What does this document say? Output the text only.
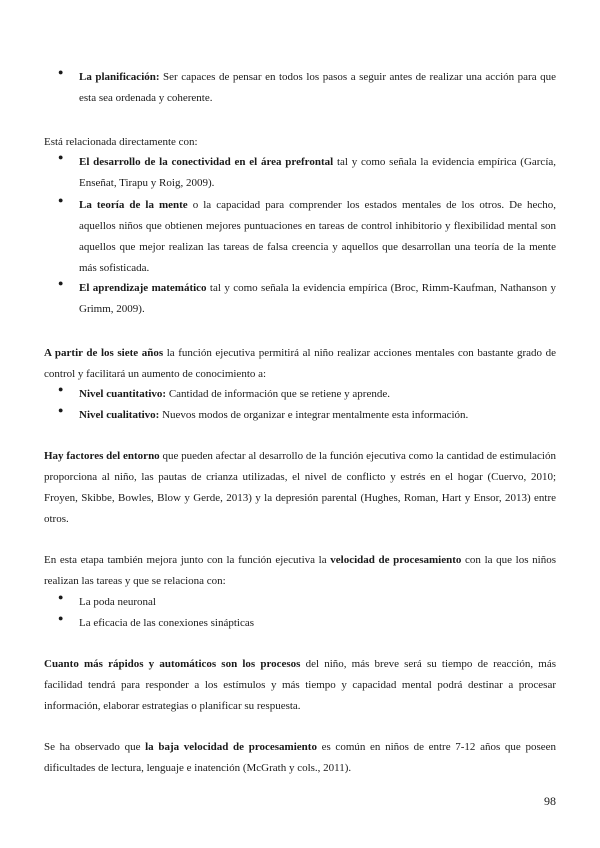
● La planificación: Ser capaces de pensar en todos los pasos a seguir antes de realizar una acción para que esta sea ordenada y coherente.
Está relacionada directamente con:
● El desarrollo de la conectividad en el área prefrontal tal y como señala la evidencia empírica (García, Enseñat, Tirapu y Roig, 2009).
● La teoría de la mente o la capacidad para comprender los estados mentales de los otros. De hecho, aquellos niños que obtienen mejores puntuaciones en tareas de control inhibitorio y flexibilidad mental son aquellos que mejor realizan las tareas de falsa creencia y aquellos que desarrollan una teoría de la mente más sofisticada.
● El aprendizaje matemático tal y como señala la evidencia empírica (Broc, Rimm-Kaufman, Nathanson y Grimm, 2009).
A partir de los siete años la función ejecutiva permitirá al niño realizar acciones mentales con bastante grado de control y facilitará un aumento de conocimiento a:
● Nivel cuantitativo: Cantidad de información que se retiene y aprende.
● Nivel cualitativo: Nuevos modos de organizar e integrar mentalmente esta información.
Hay factores del entorno que pueden afectar al desarrollo de la función ejecutiva como la cantidad de estimulación proporciona al niño, las pautas de crianza utilizadas, el nivel de conflicto y estrés en el hogar (Cuervo, 2010; Froyen, Skibbe, Bowles, Blow y Gerde, 2013) y la depresión parental (Hughes, Roman, Hart y Ensor, 2013) entre otros.
En esta etapa también mejora junto con la función ejecutiva la velocidad de procesamiento con la que los niños realizan las tareas y que se relaciona con:
● La poda neuronal
● La eficacia de las conexiones sinápticas
Cuanto más rápidos y automáticos son los procesos del niño, más breve será su tiempo de reacción, más facilidad tendrá para responder a los estímulos y más tiempo y capacidad mental podrá destinar a procesar información, elaborar estrategias o planificar su respuesta.
Se ha observado que la baja velocidad de procesamiento es común en niños de entre 7-12 años que poseen dificultades de lectura, lenguaje e inatención (McGrath y cols., 2011).
98
